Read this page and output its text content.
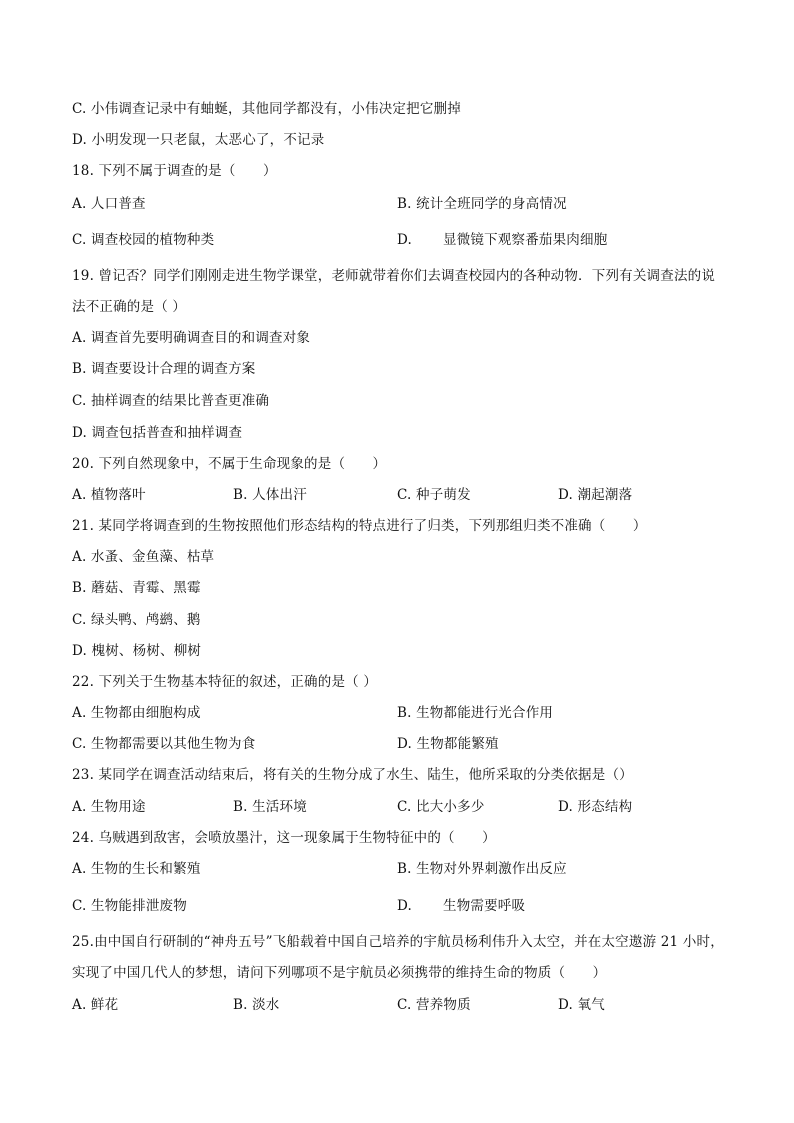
C. 小伟调查记录中有蚰蜒，其他同学都没有，小伟决定把它删掉
D. 小明发现一只老鼠，太恶心了，不记录
18. 下列不属于调查的是（　　）
A. 人口普查	B. 统计全班同学的身高情况
C. 调查校园的植物种类	D. 显微镜下观察番茄果肉细胞
19. 曾记否？同学们刚刚走进生物学课堂，老师就带着你们去调查校园内的各种动物．下列有关调查法的说
法不正确的是（ ）
A. 调查首先要明确调查目的和调查对象
B. 调查要设计合理的调查方案
C. 抽样调查的结果比普查更准确
D. 调查包括普查和抽样调查
20. 下列自然现象中，不属于生命现象的是（　　）
A. 植物落叶	B. 人体出汗	C. 种子萌发	D. 潮起潮落
21. 某同学将调查到的生物按照他们形态结构的特点进行了归类，下列那组归类不准确（　　）
A. 水蚤、金鱼藻、枯草
B. 蘑菇、青霉、黑霉
C. 绿头鸭、鸬鹚、鹅
D. 槐树、杨树、柳树
22. 下列关于生物基本特征的叙述，正确的是（ ）
A. 生物都由细胞构成	B. 生物都能进行光合作用
C. 生物都需要以其他生物为食	D. 生物都能繁殖
23. 某同学在调查活动结束后，将有关的生物分成了水生、陆生，他所采取的分类依据是（）
A. 生物用途	B. 生活环境	C. 比大小多少	D. 形态结构
24. 乌贼遇到敌害，会喷放墨汁，这一现象属于生物特征中的（　　）
A. 生物的生长和繁殖	B. 生物对外界刺激作出反应
C. 生物能排泄废物	D. 生物需要呼吸
25.由中国自行研制的“神舟五号”飞船载着中国自己培养的宇航员杨利伟升入太空，并在太空遨游 21 小时，
实现了中国几代人的梦想，请问下列哪项不是宇航员必须携带的维持生命的物质（　　）
A. 鲜花	B. 淡水	C. 营养物质	D. 氧气
